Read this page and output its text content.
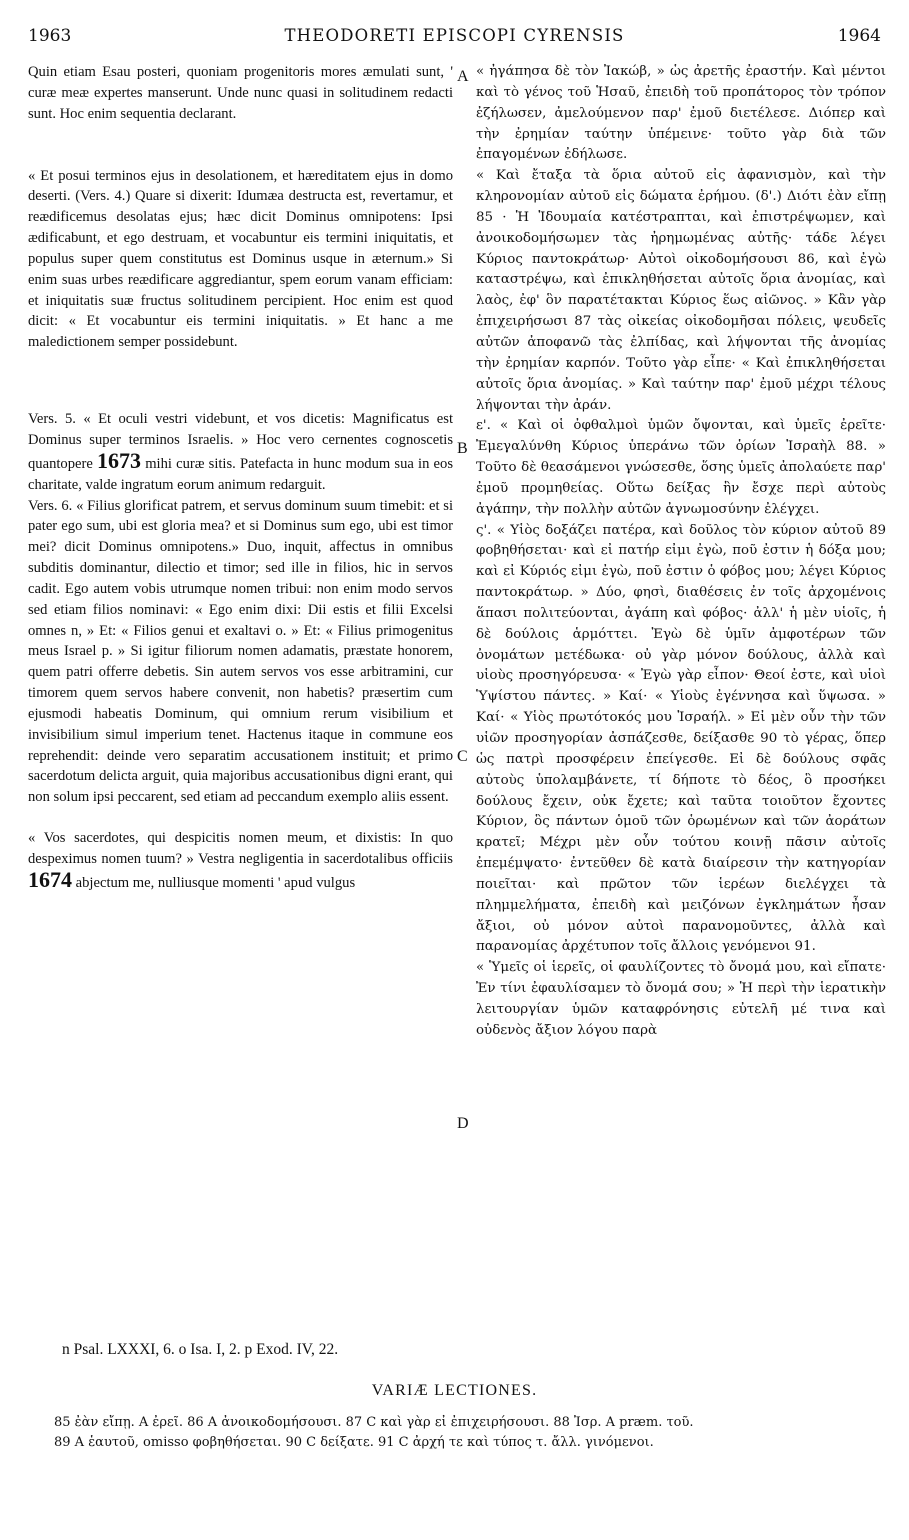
1963	THEODORETI EPISCOPI CYRENSIS	1964

Quin etiam Esau posteri, quoniam progenitoris mores æmulati sunt, ' curæ meæ expertes manserunt. Unde nunc quasi in solitudinem redacti sunt. Hoc enim sequentia declarant.

« Et posui terminos ejus in desolationem, et hæreditatem ejus in domo deserti. (Vers. 4.) Quare si dixerit: Idumæa destructa est, revertamur, et reædificemus desolatas ejus; hæc dicit Dominus omnipotens: Ipsi ædificabunt, et ego destruam, et vocabuntur eis termini iniquitatis, et populus super quem constitutus est Dominus usque in æternum.» Si enim suas urbes reædificare aggrediantur, spem eorum vanam efficiam: et iniquitatis suæ fructus solitudinem percipient. Hoc enim est quod dicit: « Et vocabuntur eis termini iniquitatis. » Et hanc a me maledictionem semper possidebunt.

Vers. 5. « Et oculi vestri videbunt, et vos dicetis: Magnificatus est Dominus super terminos Israelis. » Hoc vero cernentes cognoscetis quantopere 1673 mihi curæ sitis. Patefacta in hunc modum sua in eos charitate, valde ingratum eorum animum redarguit.

Vers. 6. « Filius glorificat patrem, et servus dominum suum timebit: et si pater ego sum, ubi est gloria mea? et si Dominus sum ego, ubi est timor mei? dicit Dominus omnipotens.» Duo, inquit, affectus in omnibus subditis dominantur, dilectio et timor; sed ille in filios, hic in servos cadit. Ego autem vobis utrumque nomen tribui: non enim modo servos sed etiam filios nominavi: « Ego enim dixi: Dii estis et filii Excelsi omnes n, » Et: « Filios genui et exaltavi o. » Et: « Filius primogenitus meus Israel p. » Si igitur filiorum nomen adamatis, præstate honorem, quem patri offerre debetis. Sin autem servos vos esse arbitramini, cur timorem quem servos habere convenit, non habetis? præsertim cum ejusmodi habeatis Dominum, qui omnium rerum visibilium et invisibilium simul imperium tenet. Hactenus itaque in commune eos reprehendit: deinde vero separatim accusationem instituit; et primo sacerdotum delicta arguit, quia majoribus accusationibus digni erant, qui non solum ipsi peccarent, sed etiam ad peccandum exemplo aliis essent.

« Vos sacerdotes, qui despicitis nomen meum, et dixistis: In quo despeximus nomen tuum? » Vestra negligentia in sacerdotalibus officiis 1674 abjectum me, nulliusque momenti ' apud vulgus

A
B
C
D

« ἠγάπησα δὲ τὸν Ἰακώβ, » ὡς ἀρετῆς ἐραστήν. Καὶ μέντοι καὶ τὸ γένος τοῦ Ἡσαῦ, ἐπειδὴ τοῦ προπάτορος τὸν τρόπον ἐζήλωσεν, ἀμελούμενον παρ' ἐμοῦ διετέλεσε. Διόπερ καὶ τὴν ἐρημίαν ταύτην ὑπέμεινε· τοῦτο γὰρ διὰ τῶν ἐπαγομένων ἐδήλωσε.

« Καὶ ἔταξα τὰ ὅρια αὐτοῦ εἰς ἀφανισμὸν, καὶ τὴν κληρονομίαν αὐτοῦ εἰς δώματα ἐρήμου. (δ'.) Διότι ἐὰν εἴπῃ 85 · Ἡ Ἰδουμαία κατέστραπται, καὶ ἐπιστρέψωμεν, καὶ ἀνοικοδομήσωμεν τὰς ἠρημωμένας αὐτῆς· τάδε λέγει Κύριος παντοκράτωρ· Αὐτοὶ οἰκοδομήσουσι 86, καὶ ἐγὼ καταστρέψω, καὶ ἐπικληθήσεται αὐτοῖς ὅρια ἀνομίας, καὶ λαὸς, ἐφ' ὃν παρατέτακται Κύριος ἕως αἰῶνος. » Κἂν γὰρ ἐπιχειρήσωσι 87 τὰς οἰκείας οἰκοδομῆσαι πόλεις, ψευδεῖς αὐτῶν ἀποφανῶ τὰς ἐλπίδας, καὶ λήψονται τῆς ἀνομίας τὴν ἐρημίαν καρπόν. Τοῦτο γὰρ εἶπε· « Καὶ ἐπικληθήσεται αὐτοῖς ὅρια ἀνομίας. » Καὶ ταύτην παρ' ἐμοῦ μέχρι τέλους λήψονται τὴν ἀράν.

ε'. « Καὶ οἱ ὀφθαλμοὶ ὑμῶν ὄψονται, καὶ ὑμεῖς ἐρεῖτε· Ἐμεγαλύνθη Κύριος ὑπεράνω τῶν ὁρίων Ἰσραὴλ 88. » Τοῦτο δὲ θεασάμενοι γνώσεσθε, ὅσης ὑμεῖς ἀπολαύετε παρ' ἐμοῦ προμηθείας. Οὕτω δείξας ἣν ἔσχε περὶ αὐτοὺς ἀγάπην, τὴν πολλὴν αὐτῶν ἀγνωμοσύνην ἐλέγχει.

ς'. « Υἱὸς δοξάζει πατέρα, καὶ δοῦλος τὸν κύριον αὐτοῦ 89 φοβηθήσεται· καὶ εἰ πατήρ εἰμι ἐγὼ, ποῦ ἐστιν ἡ δόξα μου; καὶ εἰ Κύριός εἰμι ἐγὼ, ποῦ ἐστιν ὁ φόβος μου; λέγει Κύριος παντοκράτωρ. » Δύο, φησὶ, διαθέσεις ἐν τοῖς ἀρχομένοις ἅπασι πολιτεύονται, ἀγάπη καὶ φόβος· ἀλλ' ἡ μὲν υἱοῖς, ἡ δὲ δούλοις ἁρμόττει. Ἐγὼ δὲ ὑμῖν ἀμφοτέρων τῶν ὀνομάτων μετέδωκα· οὐ γὰρ μόνον δούλους, ἀλλὰ καὶ υἱοὺς προσηγόρευσα· « Ἐγὼ γὰρ εἶπον· Θεοί ἐστε, καὶ υἱοὶ Ὑψίστου πάντες. » Καί· « Υἱοὺς ἐγέννησα καὶ ὕψωσα. » Καί· « Υἱὸς πρωτότοκός μου Ἰσραήλ. » Εἰ μὲν οὖν τὴν τῶν υἱῶν προσηγορίαν ἀσπάζεσθε, δείξασθε 90 τὸ γέρας, ὅπερ ὡς πατρὶ προσφέρειν ἐπείγεσθε. Εἰ δὲ δούλους σφᾶς αὐτοὺς ὑπολαμβάνετε, τί δήποτε τὸ δέος, ὃ προσήκει δούλους ἔχειν, οὐκ ἔχετε; καὶ ταῦτα τοιοῦτον ἔχοντες Κύριον, ὃς πάντων ὁμοῦ τῶν ὁρωμένων καὶ τῶν ἀοράτων κρατεῖ; Μέχρι μὲν οὖν τούτου κοινῇ πᾶσιν αὐτοῖς ἐπεμέμψατο· ἐντεῦθεν δὲ κατὰ διαίρεσιν τὴν κατηγορίαν ποιεῖται· καὶ πρῶτον τῶν ἱερέων διελέγχει τὰ πλημμελήματα, ἐπειδὴ καὶ μειζόνων ἐγκλημάτων ἦσαν ἄξιοι, οὐ μόνον αὐτοὶ παρανομοῦντες, ἀλλὰ καὶ παρανομίας ἀρχέτυπον τοῖς ἄλλοις γενόμενοι 91.

« Ὑμεῖς οἱ ἱερεῖς, οἱ φαυλίζοντες τὸ ὄνομά μου, καὶ εἴπατε· Ἐν τίνι ἐφαυλίσαμεν τὸ ὄνομά σου; » Ἡ περὶ τὴν ἱερατικὴν λειτουργίαν ὑμῶν καταφρόνησις εὐτελῆ μέ τινα καὶ οὐδενὸς ἄξιον λόγου παρὰ

n Psal. LXXXI, 6. o Isa. I, 2. p Exod. IV, 22.
VARIÆ LECTIONES.
85 ἐὰν εἴπῃ. A ἐρεῖ. 86 A ἀνοικοδομήσουσι. 87 C καὶ γὰρ εἰ ἐπιχειρήσουσι. 88 Ἰσρ. A præm. τοῦ.
89 A ἑαυτοῦ, omisso φοβηθήσεται. 90 C δείξατε. 91 C ἀρχή τε καὶ τύπος τ. ἄλλ. γινόμενοι.
